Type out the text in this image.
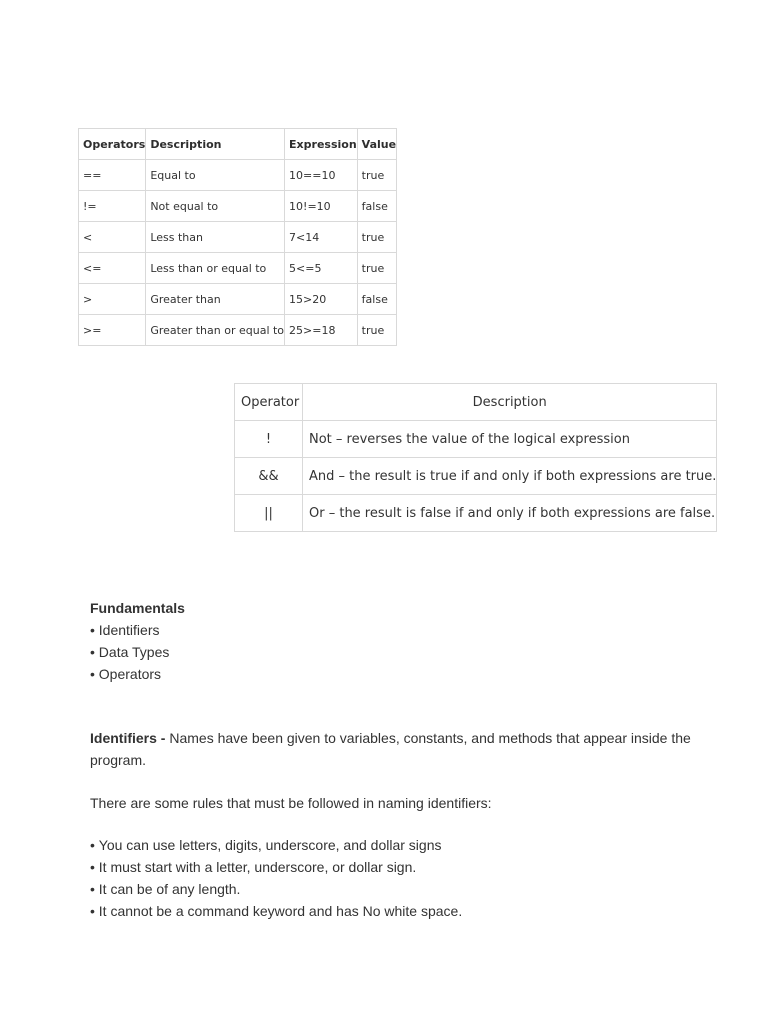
Operators	Description	Expression	Value
==	Equal to	10==10	true
!=	Not equal to	10!=10	false
<	Less than	7<14	true
<=	Less than or equal to	5<=5	true
>	Greater than	15>20	false
>=	Greater than or equal to	25>=18	true
Operator	Description
!	Not – reverses the value of the logical expression
&&	And – the result is true if and only if both expressions are true.
||	Or – the result is false if and only if both expressions are false.

Fundamentals

• Identifiers

• Data Types

• Operators

Identifiers - Names have been given to variables, constants, and methods that appear inside the program.

There are some rules that must be followed in naming identifiers:

• You can use letters, digits, underscore, and dollar signs

• It must start with a letter, underscore, or dollar sign.

• It can be of any length.

• It cannot be a command keyword and has No white space.
